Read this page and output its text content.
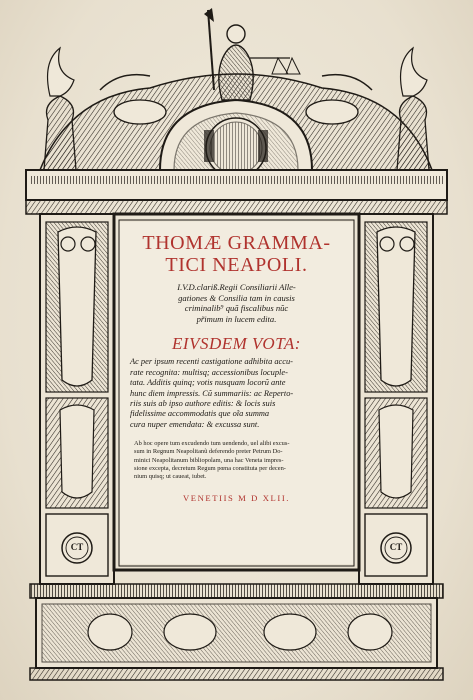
CT	CT
THOMÆ GRAMMA-
TICI NEAPOLI.
I.V.D.clariß.Regii Consiliarii Alle-
gationes & Consilia tam in causis
criminalib⁹ quã fiscalibus nũc
pr̃imum in lucem edita.
EIVSDEM VOTA:
Ac per ipsum recenti castigatione adhibita accu-
rate recognita: multisq; accessionibus locuple-
tata. Additis quinq; votis nusquam locorũ ante
hunc diem impressis. Cũ summariis: ac Reperto-
riis suis ab ipso authore editis: & locis suis
fidelissime accommodatis que oĩa summa
cura nuper emendata: & excussa sunt.
Ab hoc opere tum excudendo tum uendendo, uel alibi excus-
sum in Regnum Neapolitanũ deferendo preter Petrum Do-
minici Neapolitanum bibliopolam, una hac Veneta impres-
sione excepta, decretum Regum pœna constituta per decen-
nium quisq; ut caueat, iubet.
VENETIIS M D XLII.
